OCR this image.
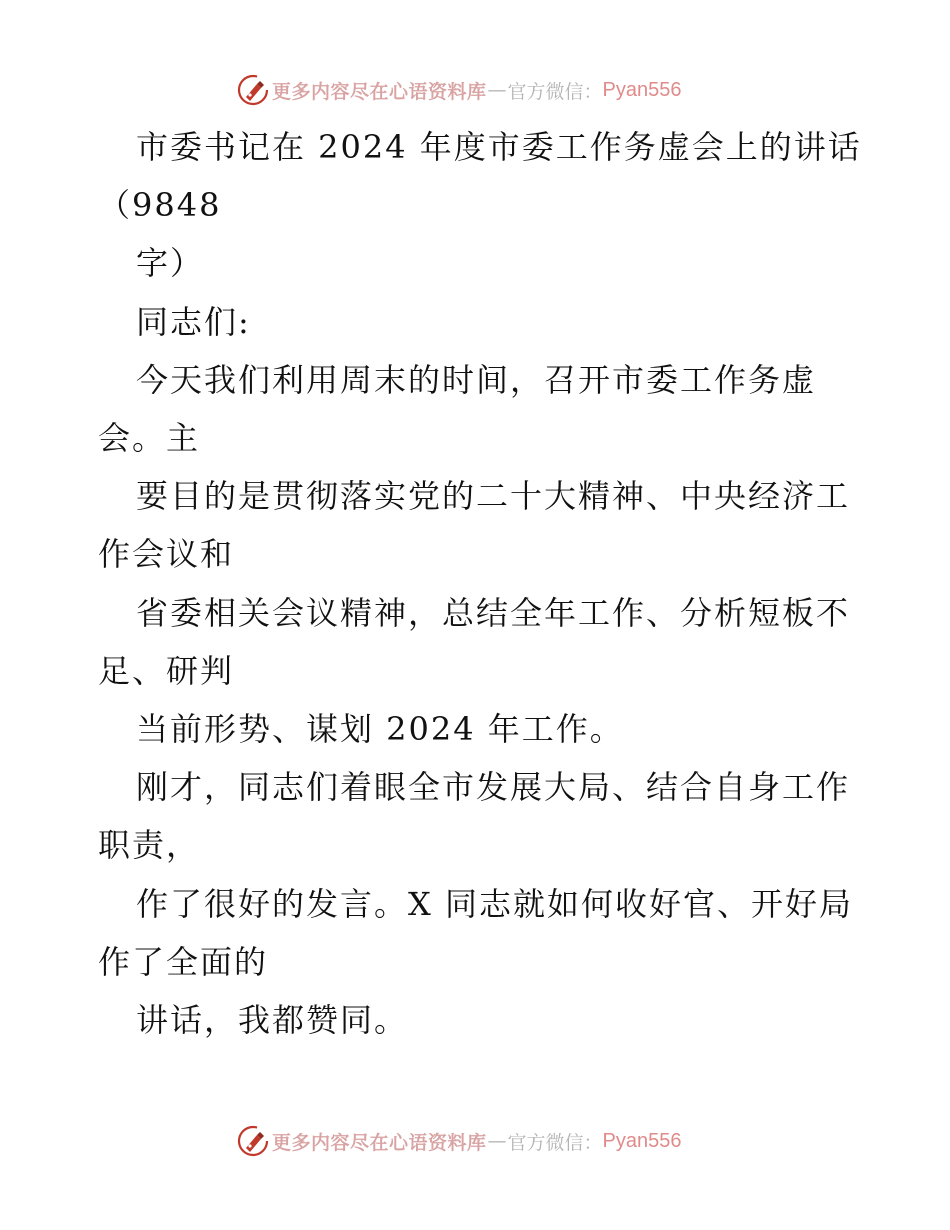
更多内容尽在心语资料库 — 官方微信： Pyan556
市委书记在 2024 年度市委工作务虚会上的讲话
（9848
字）
同志们:
今天我们利用周末的时间，召开市委工作务虚
会。主
要目的是贯彻落实党的二十大精神、中央经济工
作会议和
省委相关会议精神，总结全年工作、分析短板不
足、研判
当前形势、谋划 2024 年工作。
刚才，同志们着眼全市发展大局、结合自身工作
职责，
作了很好的发言。X 同志就如何收好官、开好局
作了全面的
讲话，我都赞同。
更多内容尽在心语资料库 — 官方微信： Pyan556
